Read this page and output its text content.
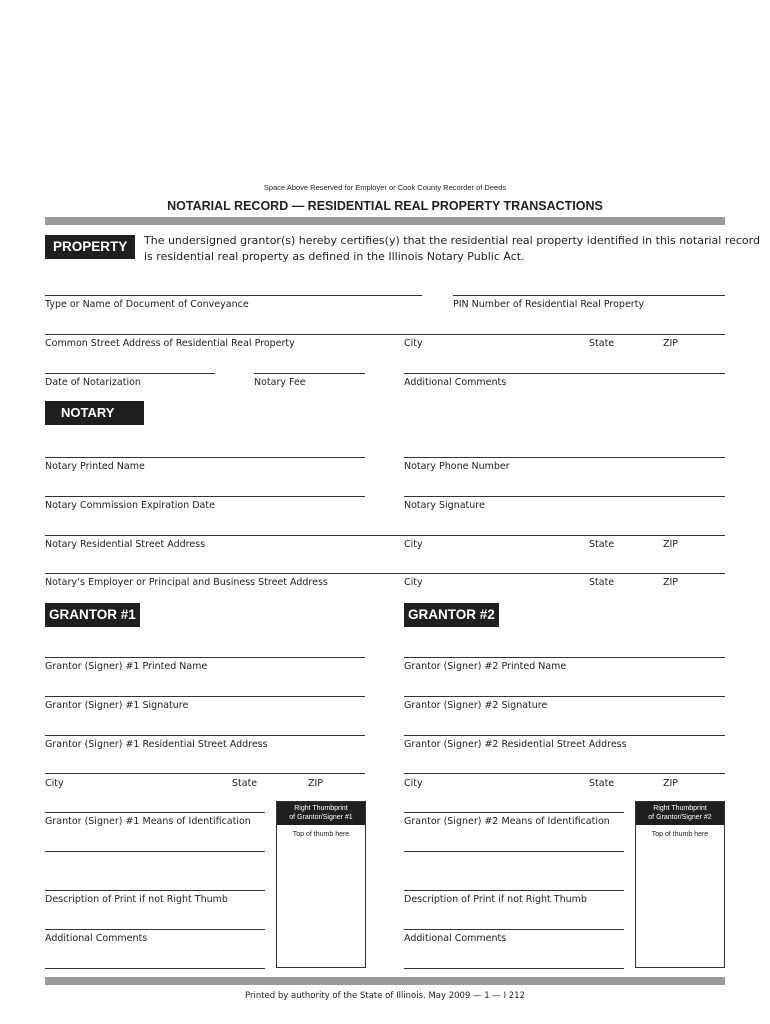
Space Above Reserved for Employer or Cook County Recorder of Deeds
NOTARIAL RECORD — RESIDENTIAL REAL PROPERTY TRANSACTIONS
PROPERTY	The undersigned grantor(s) hereby certifies(y) that the residential real property identified in this notarial record
is residential real property as defined in the Illinois Notary Public Act.
Type or Name of Document of Conveyance	PIN Number of Residential Real Property
Common Street Address of Residential Real Property	City	State	ZIP
Date of Notarization	Notary Fee	Additional Comments
NOTARY
Notary Printed Name	Notary Phone Number
Notary Commission Expiration Date	Notary Signature
Notary Residential Street Address	City	State	ZIP
Notary’s Employer or Principal and Business Street Address	City	State	ZIP
GRANTOR #1
Grantor (Signer) #1 Printed Name
Grantor (Signer) #1 Signature
Grantor (Signer) #1 Residential Street Address
City	State	ZIP
Grantor (Signer) #1 Means of Identification
Description of Print if not Right Thumb
Additional Comments
Right Thumbprint
of Grantor/Signer #1
Top of thumb here
GRANTOR #2
Grantor (Signer) #2 Printed Name
Grantor (Signer) #2 Signature
Grantor (Signer) #2 Residential Street Address
City	State	ZIP
Grantor (Signer) #2 Means of Identification
Description of Print if not Right Thumb
Additional Comments
Right Thumbprint
of Grantor/Signer #2
Top of thumb here
Printed by authority of the State of Illinois. May 2009 — 1 — I 212
